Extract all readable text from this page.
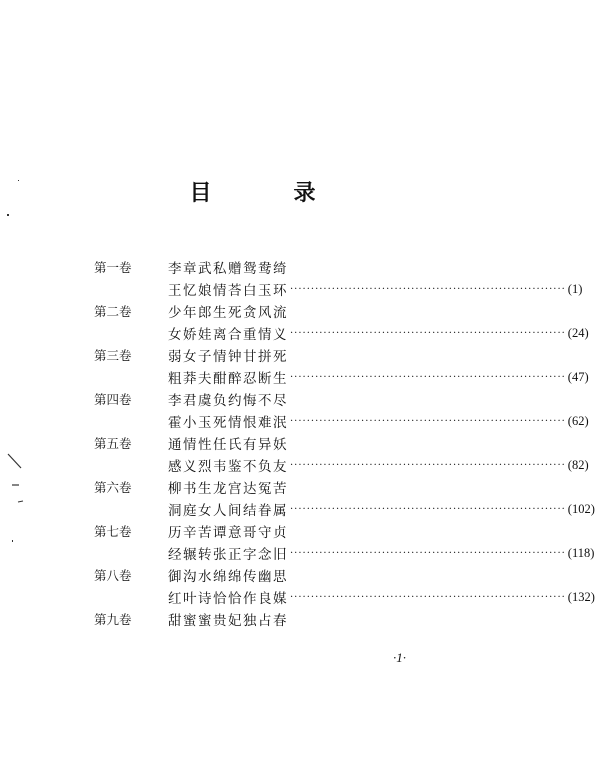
目　录
第一卷	李章武私赠鸳鸯绮
王忆娘情荅白玉环 ·································································· (1)
第二卷	少年郎生死贪风流
女娇娃离合重情义 ·································································· (24)
第三卷	弱女子情钟甘拼死
粗莽夫酣醉忍断生 ·································································· (47)
第四卷	李君虞负约悔不尽
霍小玉死情恨难泯 ·································································· (62)
第五卷	通情性任氏有异妖
感义烈韦鉴不负友 ·································································· (82)
第六卷	柳书生龙宫达冤苦
洞庭女人间结眷属 ·································································· (102)
第七卷	历辛苦谭意哥守贞
经辗转张正字念旧 ·································································· (118)
第八卷	御沟水绵绵传幽思
红叶诗恰恰作良媒 ·································································· (132)
第九卷	甜蜜蜜贵妃独占春
·1·
